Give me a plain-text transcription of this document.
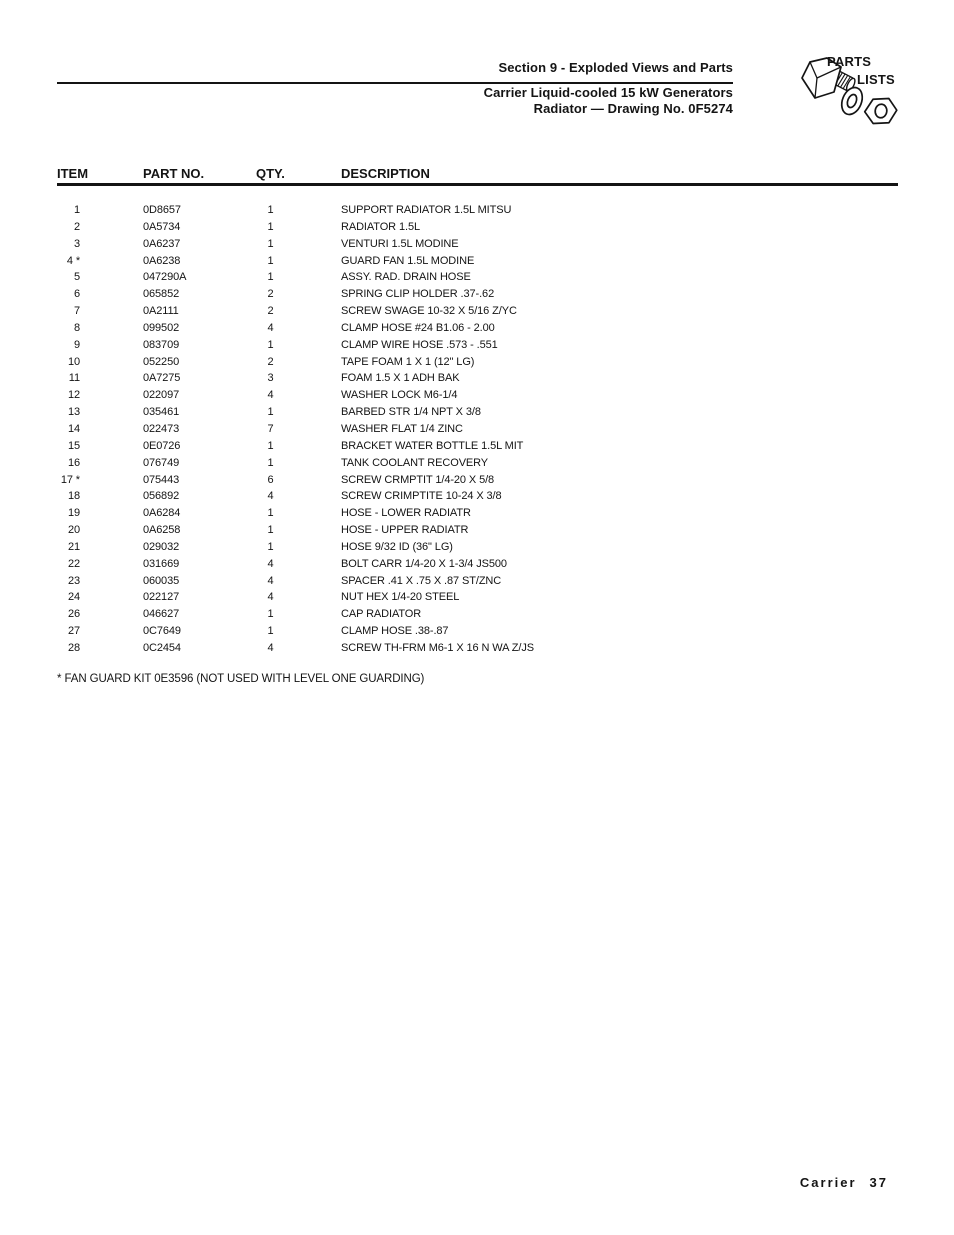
Section 9 - Exploded Views and Parts
Carrier Liquid-cooled 15 kW Generators
Radiator — Drawing No. 0F5274
PARTS
LISTS
ITEM	PART NO.	QTY.	DESCRIPTION
1	0D8657	1	SUPPORT RADIATOR 1.5L MITSU
2	0A5734	1	RADIATOR 1.5L
3	0A6237	1	VENTURI 1.5L MODINE
4 *	0A6238	1	GUARD FAN 1.5L MODINE
5	047290A	1	ASSY. RAD. DRAIN HOSE
6	065852	2	SPRING CLIP HOLDER .37-.62
7	0A2111	2	SCREW SWAGE 10-32 X 5/16 Z/YC
8	099502	4	CLAMP HOSE #24 B1.06 - 2.00
9	083709	1	CLAMP WIRE HOSE .573 - .551
10	052250	2	TAPE FOAM 1 X 1 (12" LG)
11	0A7275	3	FOAM 1.5 X 1 ADH BAK
12	022097	4	WASHER LOCK M6-1/4
13	035461	1	BARBED STR 1/4 NPT X 3/8
14	022473	7	WASHER FLAT 1/4 ZINC
15	0E0726	1	BRACKET WATER BOTTLE 1.5L MIT
16	076749	1	TANK COOLANT RECOVERY
17 *	075443	6	SCREW CRMPTIT 1/4-20 X 5/8
18	056892	4	SCREW CRIMPTITE 10-24 X 3/8
19	0A6284	1	HOSE - LOWER RADIATR
20	0A6258	1	HOSE - UPPER RADIATR
21	029032	1	HOSE 9/32 ID (36" LG)
22	031669	4	BOLT CARR 1/4-20 X 1-3/4 JS500
23	060035	4	SPACER .41 X .75 X .87 ST/ZNC
24	022127	4	NUT HEX 1/4-20 STEEL
26	046627	1	CAP RADIATOR
27	0C7649	1	CLAMP HOSE .38-.87
28	0C2454	4	SCREW TH-FRM M6-1 X 16 N WA Z/JS
* FAN GUARD KIT 0E3596 (NOT USED WITH LEVEL ONE GUARDING)
Carrier 37
